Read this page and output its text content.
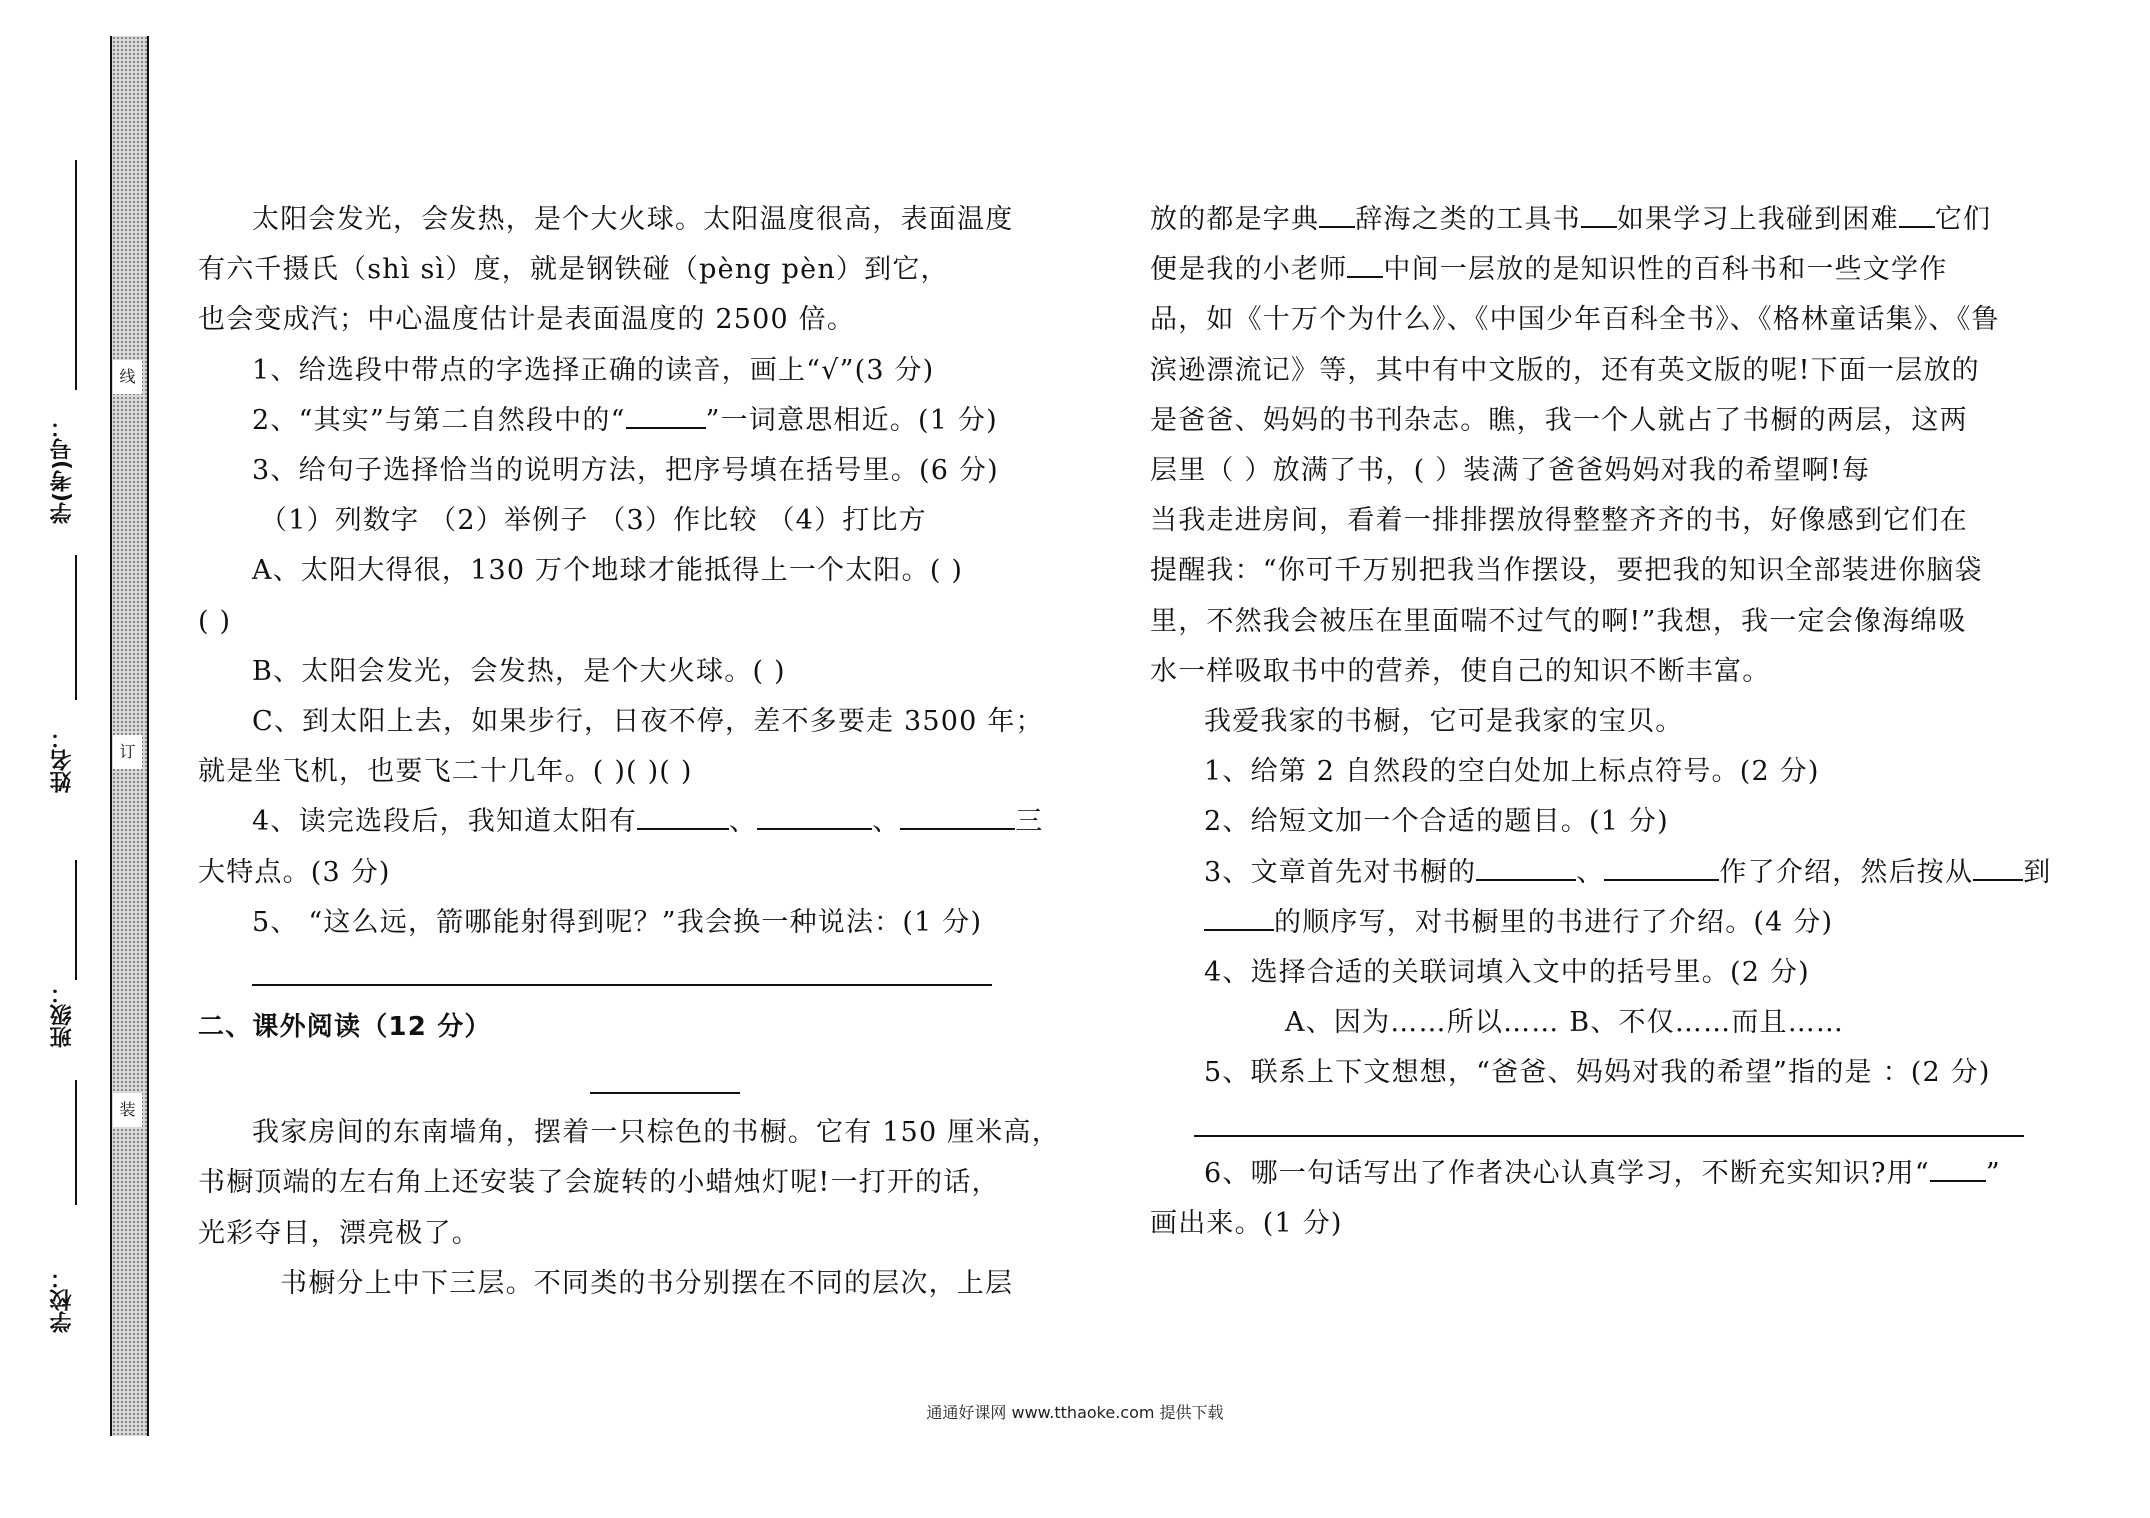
线
订
装
学(考)号：
姓名：
班级：
学校：

太阳会发光，会发热，是个大火球。太阳温度很高，表面温度

有六千摄氏（shì sì）度，就是钢铁碰（pèng pèn）到它，

也会变成汽；中心温度估计是表面温度的 2500 倍。

1、给选段中带点的字选择正确的读音，画上“√”(3 分)

2、“其实”与第二自然段中的“	”一词意思相近。(1 分)

3、给句子选择恰当的说明方法，把序号填在括号里。(6 分)

（1）列数字 （2）举例子 （3）作比较 （4）打比方

A、太阳大得很，130 万个地球才能抵得上一个太阳。( )

( )

B、太阳会发光，会发热，是个大火球。( )

C、到太阳上去，如果步行，日夜不停，差不多要走 3500 年；

就是坐飞机，也要飞二十几年。( )( )( )

4、读完选段后，我知道太阳有	、	、	三

大特点。(3 分)

5、 “这么远，箭哪能射得到呢？”我会换一种说法：(1 分)

二、课外阅读（12 分）

我家房间的东南墙角，摆着一只棕色的书橱。它有 150 厘米高，

书橱顶端的左右角上还安装了会旋转的小蜡烛灯呢!一打开的话，

光彩夺目，漂亮极了。

书橱分上中下三层。不同类的书分别摆在不同的层次，上层

放的都是字典 辞海之类的工具书 如果学习上我碰到困难 它们

便是我的小老师 中间一层放的是知识性的百科书和一些文学作

品，如《十万个为什么》、《中国少年百科全书》、《格林童话集》、《鲁

滨逊漂流记》等，其中有中文版的，还有英文版的呢!下面一层放的

是爸爸、妈妈的书刊杂志。瞧，我一个人就占了书橱的两层，这两

层里（ ）放满了书，( ）装满了爸爸妈妈对我的希望啊!每

当我走进房间，看着一排排摆放得整整齐齐的书，好像感到它们在

提醒我：“你可千万别把我当作摆设，要把我的知识全部装进你脑袋

里，不然我会被压在里面喘不过气的啊!”我想，我一定会像海绵吸

水一样吸取书中的营养，使自己的知识不断丰富。

我爱我家的书橱，它可是我家的宝贝。

1、给第 2 自然段的空白处加上标点符号。(2 分)

2、给短文加一个合适的题目。(1 分)

3、文章首先对书橱的	、	作了介绍，然后按从 到

的顺序写，对书橱里的书进行了介绍。(4 分)

4、选择合适的关联词填入文中的括号里。(2 分)

A、因为……所以…… B、不仅……而且……

5、联系上下文想想，“爸爸、妈妈对我的希望”指的是 ：(2 分)

6、哪一句话写出了作者决心认真学习，不断充实知识?用“ ”

画出来。(1 分)

通通好课网 www.tthaoke.com 提供下载
